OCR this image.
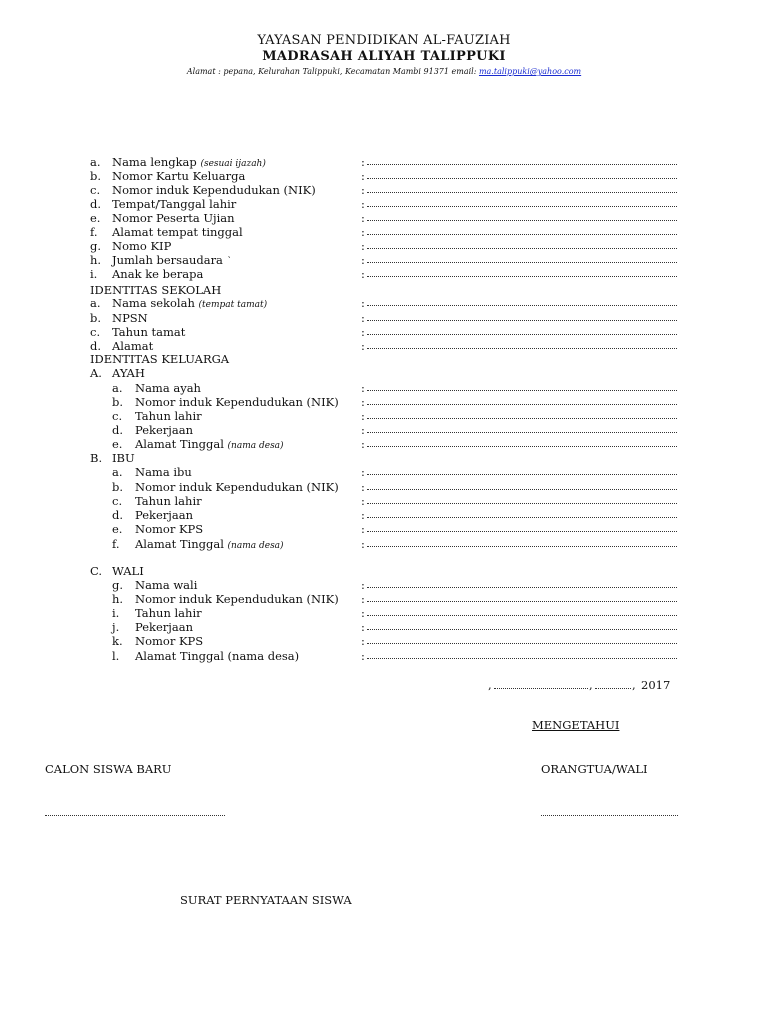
YAYASAN PENDIDIKAN AL-FAUZIAH
MADRASAH ALIYAH TALIPPUKI
Alamat : pepana, Kelurahan Talippuki, Kecamatan Mambi 91371 email: ma.talippuki@yahoo.com
a. Nama lengkap (sesuai ijazah)	:
b. Nomor Kartu Keluarga	:
c. Nomor induk Kependudukan (NIK)	:
d. Tempat/Tanggal lahir	:
e. Nomor Peserta Ujian	:
f. Alamat tempat tinggal	:
g. Nomo KIP	:
h. Jumlah bersaudara `	:
i. Anak ke berapa	:
IDENTITAS SEKOLAH
a. Nama sekolah (tempat tamat)	:
b. NPSN	:
c. Tahun tamat	:
d. Alamat	:
IDENTITAS KELUARGA
A. AYAH
a. Nama ayah	:
b. Nomor induk Kependudukan (NIK) :
c. Tahun lahir	:
d. Pekerjaan	:
e. Alamat Tinggal (nama desa)	:
B. IBU
a. Nama ibu	:
b. Nomor induk Kependudukan (NIK) :
c. Tahun lahir	:
d. Pekerjaan	:
e. Nomor KPS	:
f. Alamat Tinggal (nama desa)	:
C. WALI
g. Nama wali	:
h. Nomor induk Kependudukan (NIK) :
i. Tahun lahir	:
j. Pekerjaan	:
k. Nomor KPS	:
l. Alamat Tinggal (nama desa)	:
,	,	, 2017
MENGETAHUI
CALON SISWA BARU	ORANGTUA/WALI
SURAT PERNYATAAN SISWA
